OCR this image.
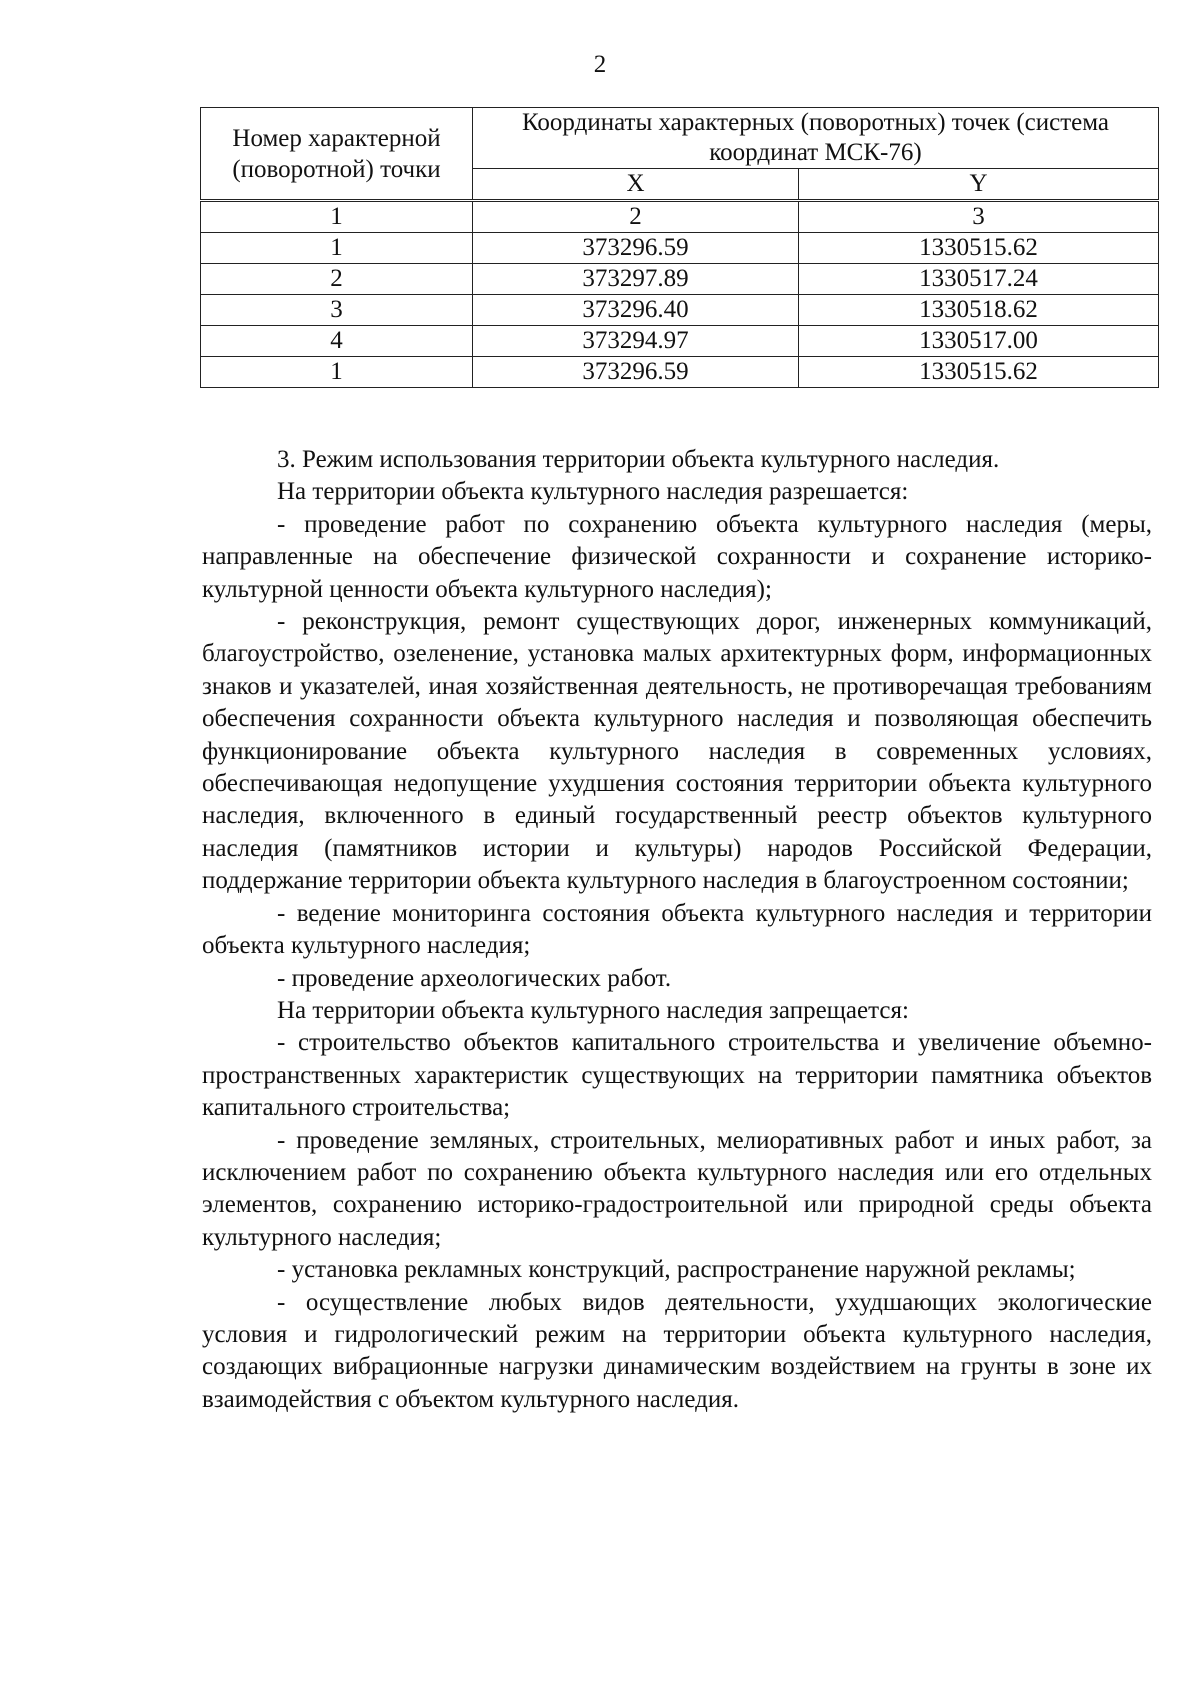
2
Номер характерной (поворотной) точки	Координаты характерных (поворотных) точек (система координат МСК-76)	
	X	Y
1	2	3
1	373296.59	1330515.62
2	373297.89	1330517.24
3	373296.40	1330518.62
4	373294.97	1330517.00
1	373296.59	1330515.62

3. Режим использования территории объекта культурного наследия.

На территории объекта культурного наследия разрешается:

- проведение работ по сохранению объекта культурного наследия (меры, направленные на обеспечение физической сохранности и сохранение историко-культурной ценности объекта культурного наследия);

- реконструкция, ремонт существующих дорог, инженерных коммуникаций, благоустройство, озеленение, установка малых архитектурных форм, информационных знаков и указателей, иная хозяйственная деятельность, не противоречащая требованиям обеспечения сохранности объекта культурного наследия и позволяющая обеспечить функционирование объекта культурного наследия в современных условиях, обеспечивающая недопущение ухудшения состояния территории объекта культурного наследия, включенного в единый государственный реестр объектов культурного наследия (памятников истории и культуры) народов Российской Федерации, поддержание территории объекта культурного наследия в благоустроенном состоянии;

- ведение мониторинга состояния объекта культурного наследия и территории объекта культурного наследия;

- проведение археологических работ.

На территории объекта культурного наследия запрещается:

- строительство объектов капитального строительства и увеличение объемно-пространственных характеристик существующих на территории памятника объектов капитального строительства;

- проведение земляных, строительных, мелиоративных работ и иных работ, за исключением работ по сохранению объекта культурного наследия или его отдельных элементов, сохранению историко-градостроительной или природной среды объекта культурного наследия;

- установка рекламных конструкций, распространение наружной рекламы;

- осуществление любых видов деятельности, ухудшающих экологические условия и гидрологический режим на территории объекта культурного наследия, создающих вибрационные нагрузки динамическим воздействием на грунты в зоне их взаимодействия с объектом культурного наследия.
